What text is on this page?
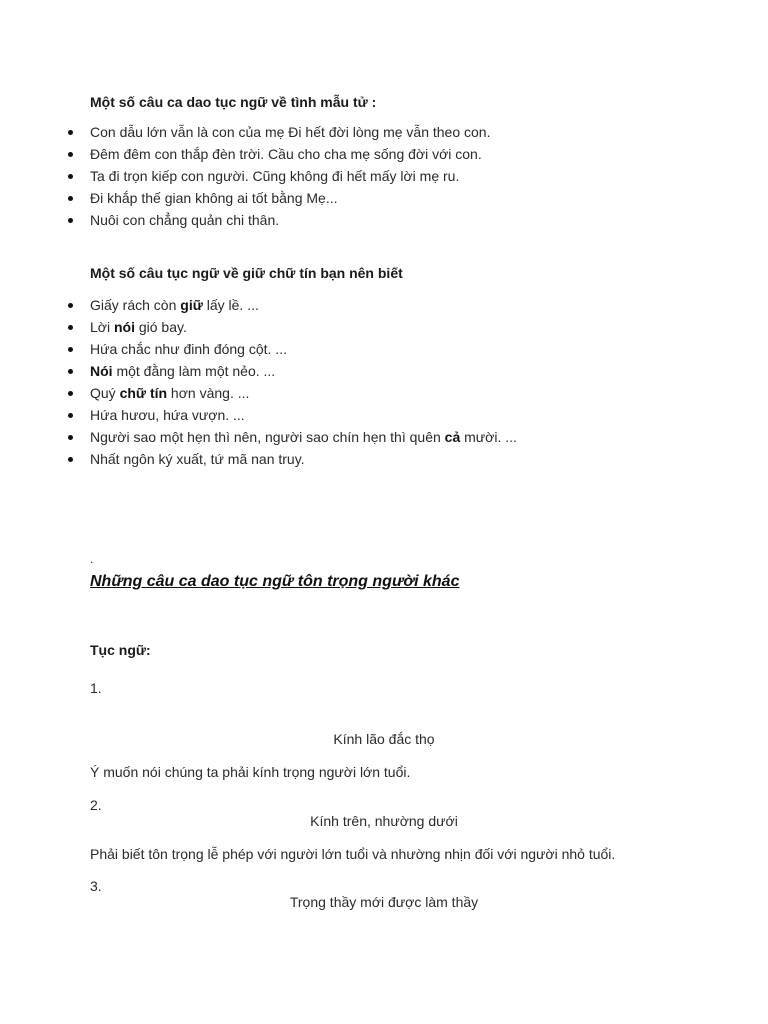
Một số câu ca dao tục ngữ về tình mẫu tử :
Con dẫu lớn vẫn là con của mẹ Đi hết đời lòng mẹ vẫn theo con.
Đêm đêm con thắp đèn trời. Cầu cho cha mẹ sống đời với con.
Ta đi trọn kiếp con người. Cũng không đi hết mấy lời mẹ ru.
Đi khắp thế gian không ai tốt bằng Mẹ...
Nuôi con chẳng quản chi thân.
Một số câu tục ngữ về giữ chữ tín bạn nên biết
Giấy rách còn giữ lấy lề. ...
Lời nói gió bay.
Hứa chắc như đinh đóng cột. ...
Nói một đằng làm một nẻo. ...
Quý chữ tín hơn vàng. ...
Hứa hươu, hứa vượn. ...
Người sao một hẹn thì nên, người sao chín hẹn thì quên cả mười. ...
Nhất ngôn ký xuất, tứ mã nan truy.
.
Những câu ca dao tục ngữ tôn trọng người khác
Tục ngữ:
1.
Kính lão đắc thọ
Ý muốn nói chúng ta phải kính trọng người lớn tuổi.
2.
Kính trên, nhường dưới
Phải biết tôn trọng lễ phép với người lớn tuổi và nhường nhịn đối với người nhỏ tuổi.
3.
Trọng thầy mới được làm thầy
